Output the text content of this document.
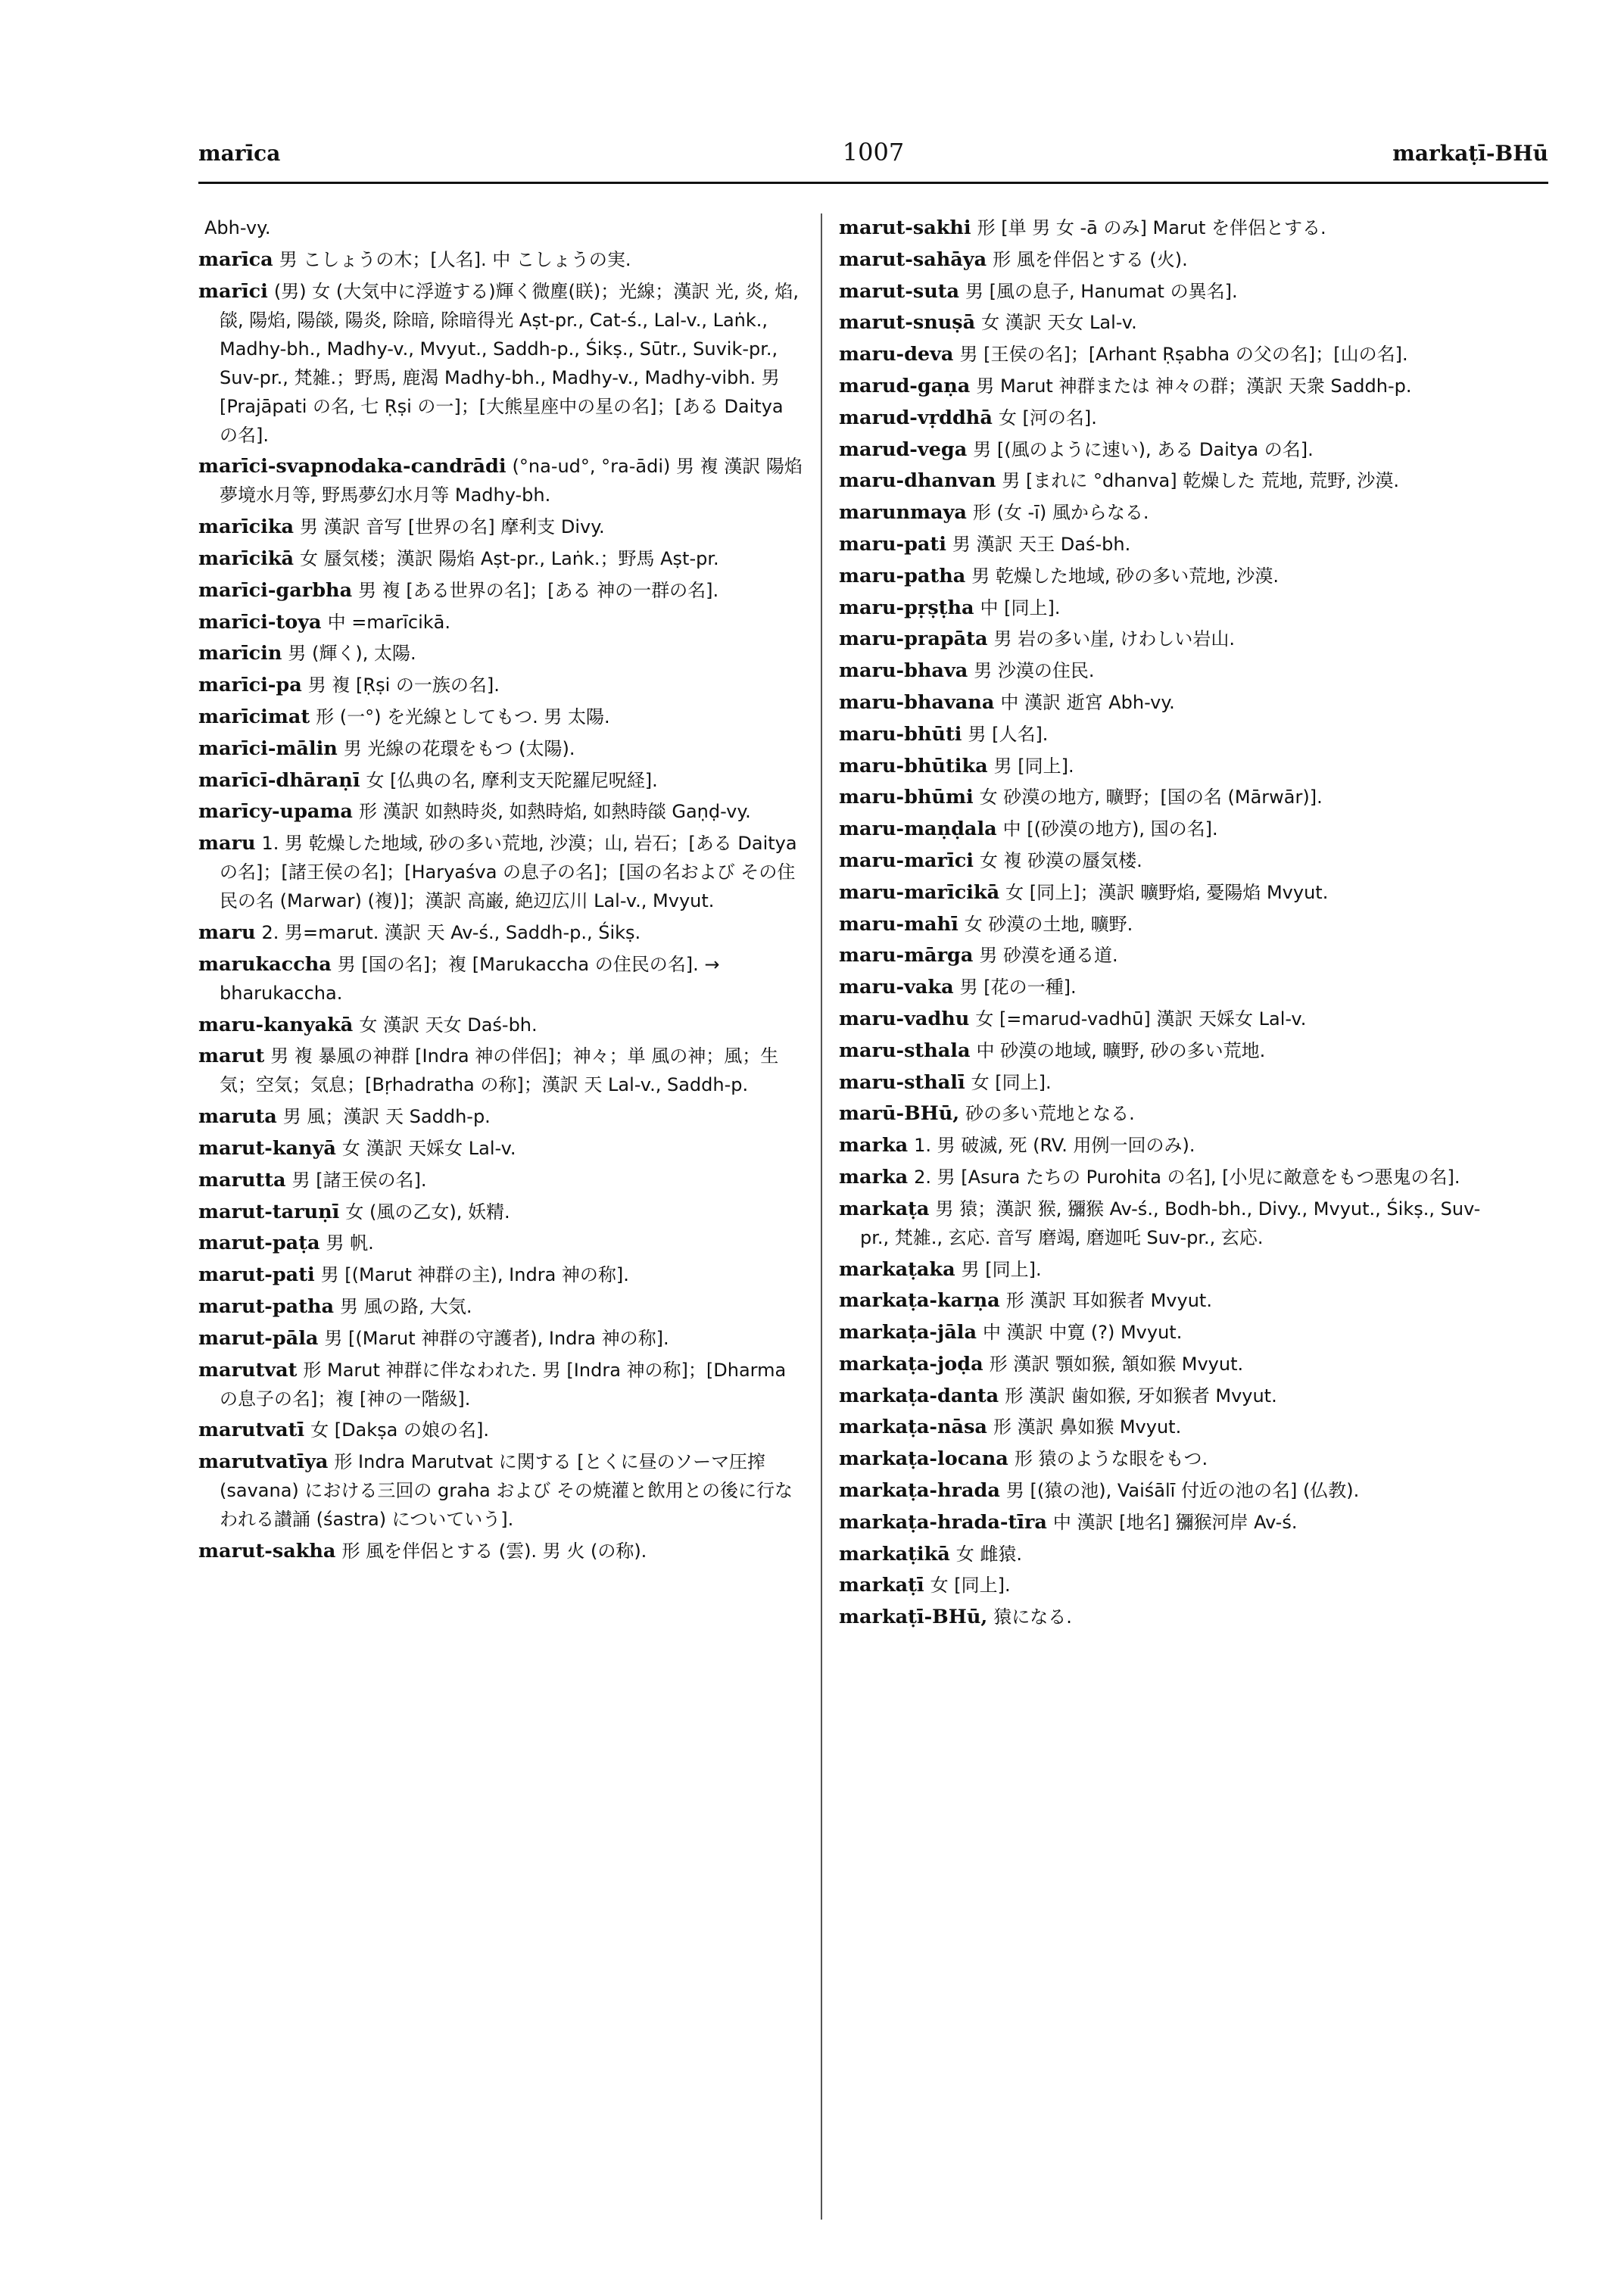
marīca	1007	markaṭī-BHū
Abh-vy.
marīca 男 こしょうの木；[人名]. 中 こしょうの実.
marīci (男) 女 (大気中に浮遊する)輝く微塵(眹)；光線；漢訳 光, 炎, 焰, 燄, 陽焰, 陽燄, 陽炎, 除暗, 除暗得光 Aṣt-pr., Cat-ś., Lal-v., Laṅk., Madhy-bh., Madhy-v., Mvyut., Saddh-p., Śikṣ., Sūtr., Suvik-pr., Suv-pr., 梵雑.；野馬, 鹿渴 Madhy-bh., Madhy-v., Madhy-vibh. 男 [Prajāpati の名, 七 Ṛṣi の一]；[大熊星座中の星の名]；[ある Daitya の名].
marīci-svapnodaka-candrādi (°na-ud°, °ra-ādi) 男 複 漢訳 陽焰夢境水月等, 野馬夢幻水月等 Madhy-bh.
marīcika 男 漢訳 音写 [世界の名] 摩利支 Divy.
marīcikā 女 蜃気楼；漢訳 陽焰 Aṣt-pr., Laṅk.；野馬 Aṣt-pr.
marīci-garbha 男 複 [ある世界の名]；[ある 神の一群の名].
marīci-toya 中 =marīcikā.
marīcin 男 (輝く), 太陽.
marīci-pa 男 複 [Ṛṣi の一族の名].
marīcimat 形 (一°) を光線としてもつ. 男 太陽.
marīci-mālin 男 光線の花環をもつ (太陽).
marīcī-dhāraṇī 女 [仏典の名, 摩利支天陀羅尼呪経].
marīcy-upama 形 漢訳 如熱時炎, 如熱時焰, 如熱時燄 Gaṇḍ-vy.
maru 1. 男 乾燥した地域, 砂の多い荒地, 沙漠；山, 岩石；[ある Daitya の名]；[諸王侯の名]；[Haryaśva の息子の名]；[国の名および その住民の名 (Marwar) (複)]；漢訳 高巌, 絶辺広川 Lal-v., Mvyut.
maru 2. 男=marut. 漢訳 天 Av-ś., Saddh-p., Śikṣ.
marukaccha 男 [国の名]；複 [Marukaccha の住民の名]. → bharukaccha.
maru-kanyakā 女 漢訳 天女 Daś-bh.
marut 男 複 暴風の神群 [Indra 神の伴侶]；神々；単 風の神；風；生気；空気；気息；[Bṛhadratha の称]；漢訳 天 Lal-v., Saddh-p.
maruta 男 風；漢訳 天 Saddh-p.
marut-kanyā 女 漢訳 天婇女 Lal-v.
marutta 男 [諸王侯の名].
marut-taruṇī 女 (風の乙女), 妖精.
marut-paṭa 男 帆.
marut-pati 男 [(Marut 神群の主), Indra 神の称].
marut-patha 男 風の路, 大気.
marut-pāla 男 [(Marut 神群の守護者), Indra 神の称].
marutvat 形 Marut 神群に伴なわれた. 男 [Indra 神の称]；[Dharma の息子の名]；複 [神の一階級].
marutvatī 女 [Dakṣa の娘の名].
marutvatīya 形 Indra Marutvat に関する [とくに昼のソーマ圧搾 (savana) における三回の graha および その焼灌と飲用との後に行なわれる讃誦 (śastra) についていう].
marut-sakha 形 風を伴侶とする (雲). 男 火 (の称).
marut-sakhi 形 [単 男 女 -ā のみ] Marut を伴侶とする.
marut-sahāya 形 風を伴侶とする (火).
marut-suta 男 [風の息子, Hanumat の異名].
marut-snuṣā 女 漢訳 天女 Lal-v.
maru-deva 男 [王侯の名]；[Arhant Ṛṣabha の父の名]；[山の名].
marud-gaṇa 男 Marut 神群または 神々の群；漢訳 天衆 Saddh-p.
marud-vṛddhā 女 [河の名].
marud-vega 男 [(風のように速い), ある Daitya の名].
maru-dhanvan 男 [まれに °dhanva] 乾燥した 荒地, 荒野, 沙漠.
marunmaya 形 (女 -ī) 風からなる.
maru-pati 男 漢訳 天王 Daś-bh.
maru-patha 男 乾燥した地域, 砂の多い荒地, 沙漠.
maru-pṛṣṭha 中 [同上].
maru-prapāta 男 岩の多い崖, けわしい岩山.
maru-bhava 男 沙漠の住民.
maru-bhavana 中 漢訳 逝宮 Abh-vy.
maru-bhūti 男 [人名].
maru-bhūtika 男 [同上].
maru-bhūmi 女 砂漠の地方, 曠野；[国の名 (Mārwār)].
maru-maṇḍala 中 [(砂漠の地方), 国の名].
maru-marīci 女 複 砂漠の蜃気楼.
maru-marīcikā 女 [同上]；漢訳 曠野焰, 憂陽焰 Mvyut.
maru-mahī 女 砂漠の土地, 曠野.
maru-mārga 男 砂漠を通る道.
maru-vaka 男 [花の一種].
maru-vadhu 女 [=marud-vadhū] 漢訳 天婇女 Lal-v.
maru-sthala 中 砂漠の地域, 曠野, 砂の多い荒地.
maru-sthalī 女 [同上].
marū-BHū, 砂の多い荒地となる.
marka 1. 男 破滅, 死 (RV. 用例一回のみ).
marka 2. 男 [Asura たちの Purohita の名], [小児に敵意をもつ悪鬼の名].
markaṭa 男 猿；漢訳 猴, 獼猴 Av-ś., Bodh-bh., Divy., Mvyut., Śikṣ., Suv-pr., 梵雑., 玄応. 音写 磨竭, 磨迦吒 Suv-pr., 玄応.
markaṭaka 男 [同上].
markaṭa-karṇa 形 漢訳 耳如猴者 Mvyut.
markaṭa-jāla 中 漢訳 中寛 (?) Mvyut.
markaṭa-joḍa 形 漢訳 顎如猴, 頷如猴 Mvyut.
markaṭa-danta 形 漢訳 歯如猴, 牙如猴者 Mvyut.
markaṭa-nāsa 形 漢訳 鼻如猴 Mvyut.
markaṭa-locana 形 猿のような眼をもつ.
markaṭa-hrada 男 [(猿の池), Vaiśālī 付近の池の名] (仏教).
markaṭa-hrada-tīra 中 漢訳 [地名] 獼猴河岸 Av-ś.
markaṭikā 女 雌猿.
markaṭī 女 [同上].
markaṭī-BHū, 猿になる.
